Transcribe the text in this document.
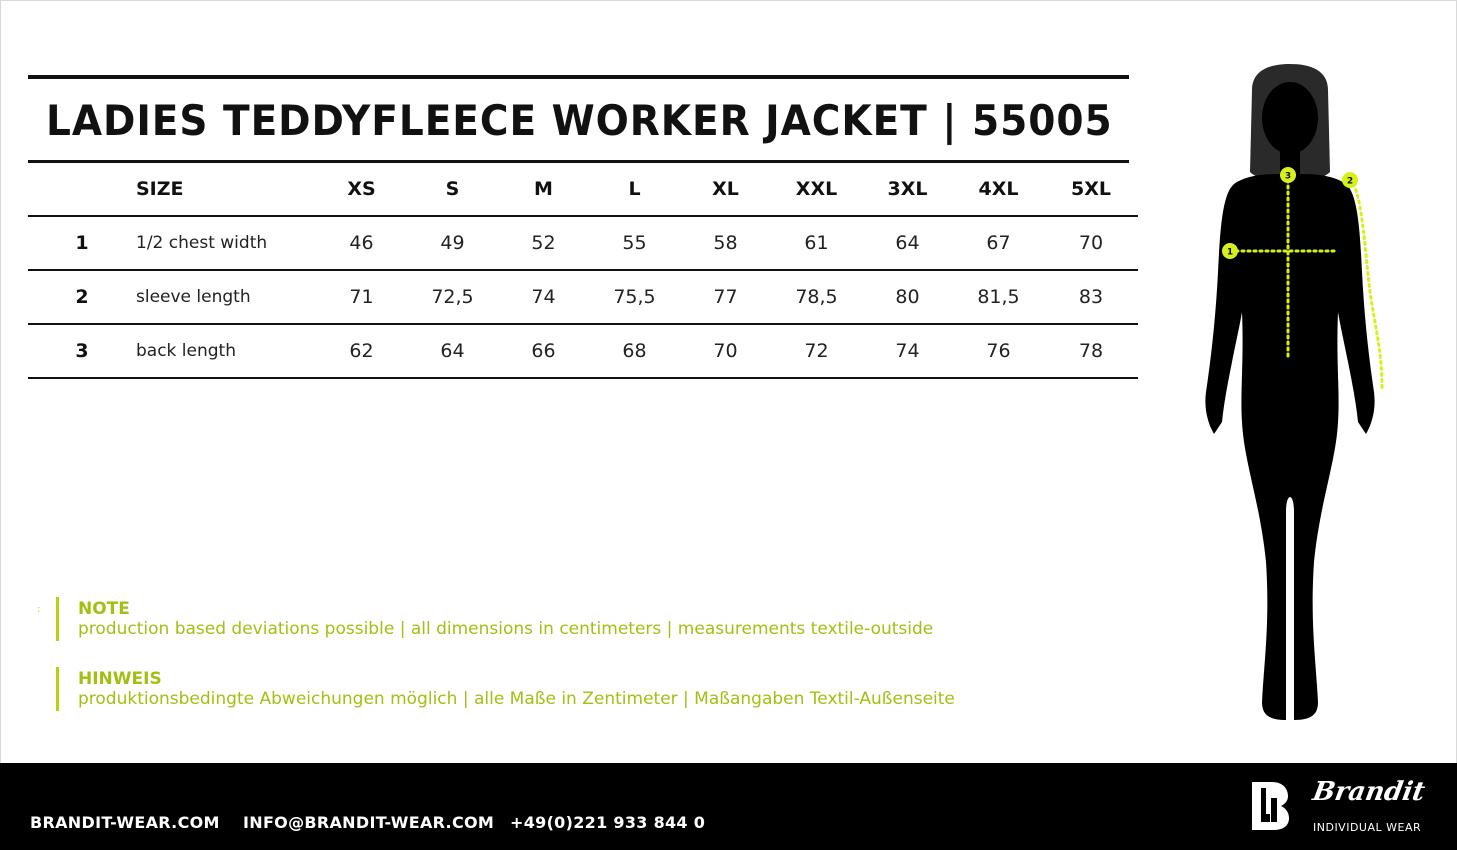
LADIES TEDDYFLEECE WORKER JACKET | 55005
	SIZE	XS	S	M	L	XL	XXL	3XL	4XL	5XL
1	1/2 chest width	46	49	52	55	58	61	64	67	70
2	sleeve length	71	72,5	74	75,5	77	78,5	80	81,5	83
3	back length	62	64	66	68	70	72	74	76	78
: NOTE
production based deviations possible | all dimensions in centimeters | measurements textile-outside
HINWEIS
produktionsbedingte Abweichungen möglich | alle Maße in Zentimeter | Maßangaben Textil-Außenseite
1
2
3
BRANDIT-WEAR.COM INFO@BRANDIT-WEAR.COM +49(0)221 933 844 0
Brandit
INDIVIDUAL WEAR
